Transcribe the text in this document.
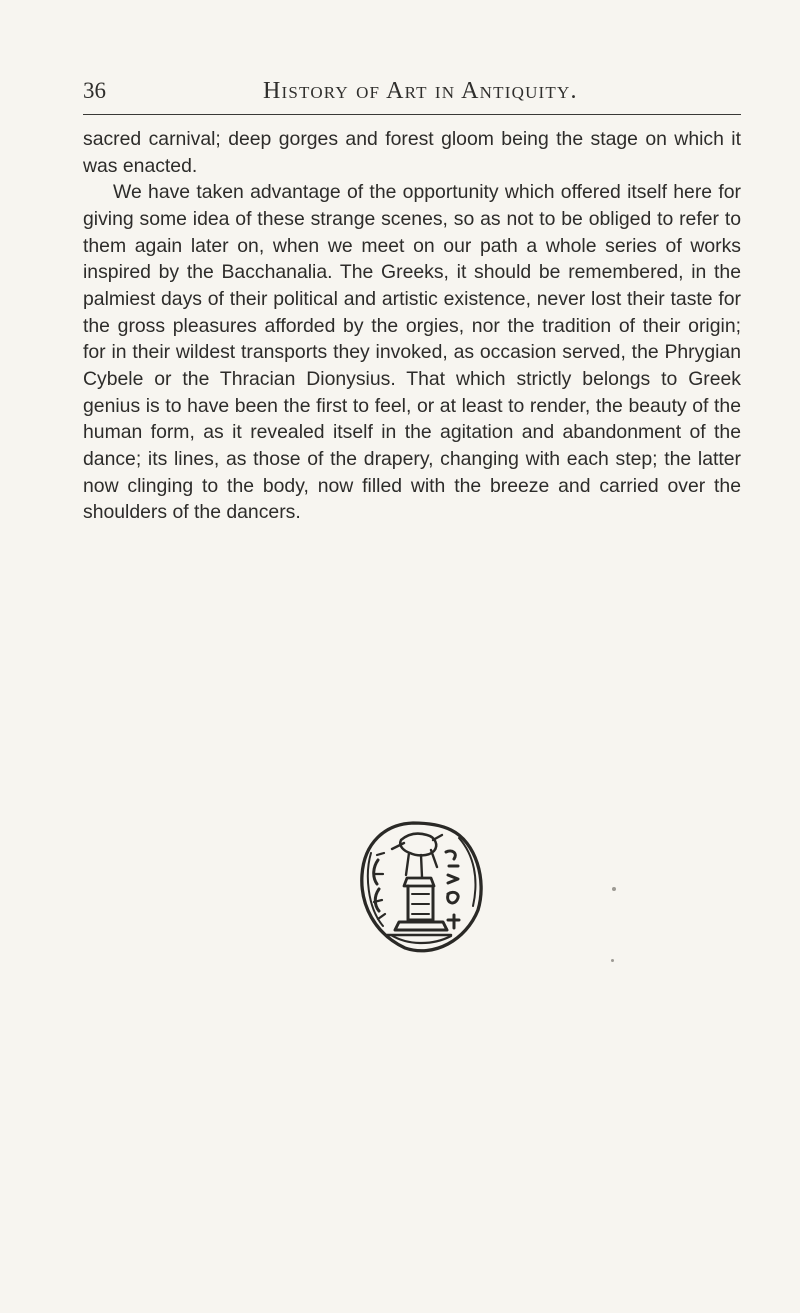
36	History of Art in Antiquity.

sacred carnival; deep gorges and forest gloom being the stage on which it was enacted.

We have taken advantage of the opportunity which offered itself here for giving some idea of these strange scenes, so as not to be obliged to refer to them again later on, when we meet on our path a whole series of works inspired by the Bacchanalia. The Greeks, it should be remembered, in the palmiest days of their political and artistic existence, never lost their taste for the gross pleasures afforded by the orgies, nor the tradition of their origin; for in their wildest transports they invoked, as occasion served, the Phrygian Cybele or the Thracian Dionysius. That which strictly belongs to Greek genius is to have been the first to feel, or at least to render, the beauty of the human form, as it revealed itself in the agitation and abandonment of the dance; its lines, as those of the drapery, changing with each step; the latter now clinging to the body, now filled with the breeze and carried over the shoulders of the dancers.
